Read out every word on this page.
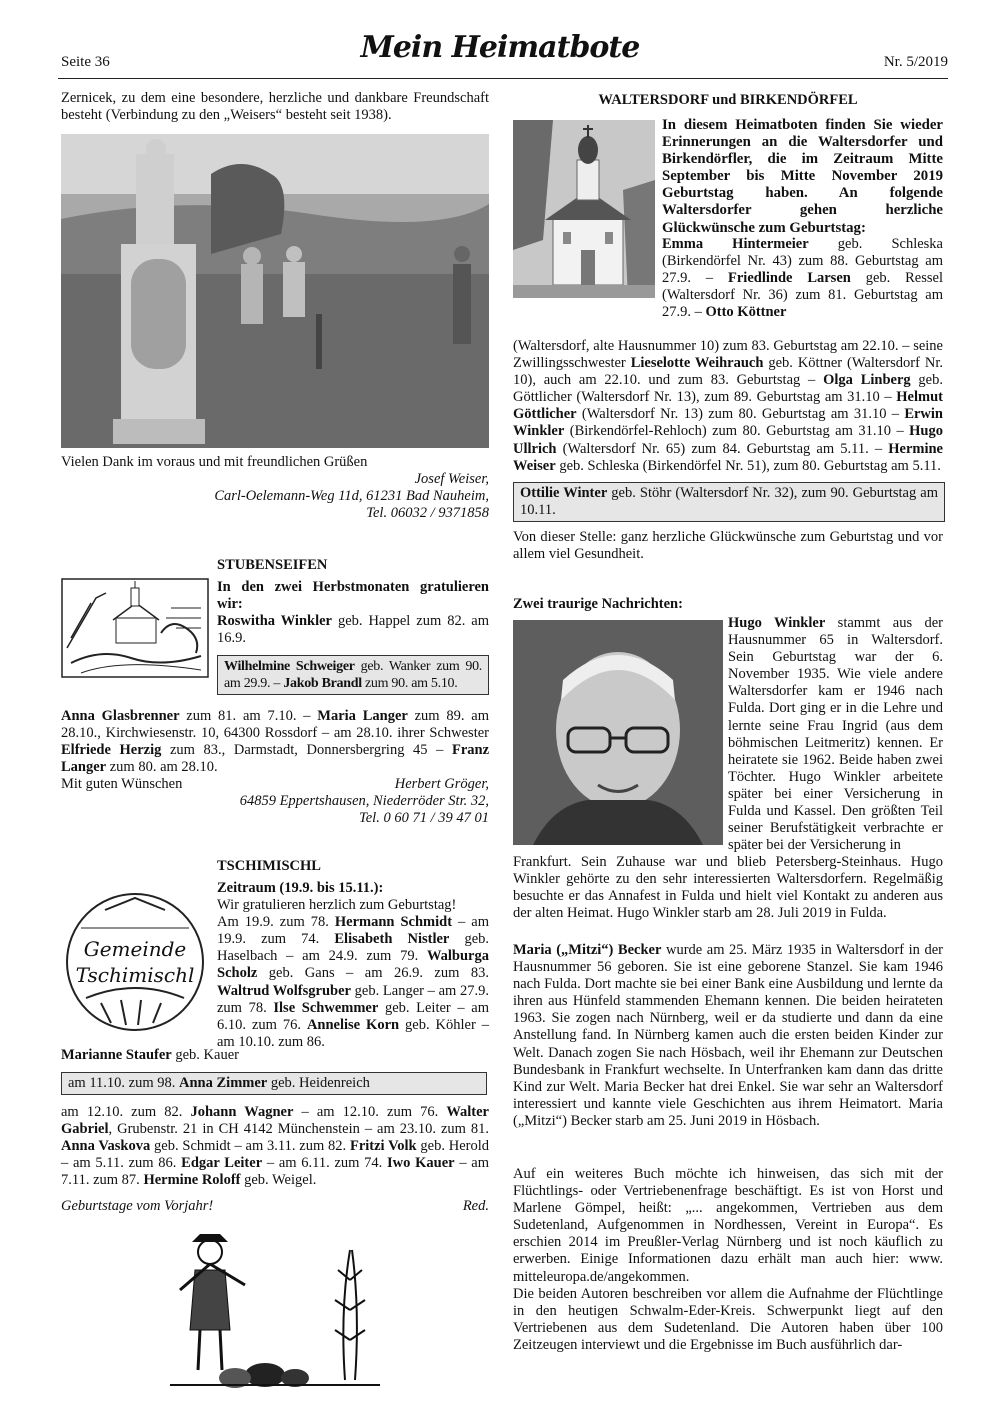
Seite 36	Mein Heimatbote	Nr. 5/2019

Zernicek, zu dem eine besondere, herzliche und dankbare Freundschaft besteht (Verbindung zu den „Weisers“ besteht seit 1938).

Vielen Dank im voraus und mit freundlichen Grüßen

Josef Weiser,

Carl-Oelemann-Weg 11d, 61231 Bad Nauheim,

Tel. 06032 / 9371858

STUBENSEIFEN

In den zwei Herbstmonaten gratulieren wir:

Roswitha Winkler geb. Happel zum 82. am 16.9.

Wilhelmine Schweiger geb. Wanker zum 90. am 29.9. – Jakob Brandl zum 90. am 5.10.

Anna Glasbrenner zum 81. am 7.10. – Maria Langer zum 89. am 28.10., Kirchwiesenstr. 10, 64300 Rossdorf – am 28.10. ihrer Schwester Elfriede Herzig zum 83., Darmstadt, Donnersbergring 45 – Franz Langer zum 80. am 28.10.

Mit guten Wünschen	Herbert Gröger,

64859 Eppertshausen, Niederröder Str. 32,

Tel. 0 60 71 / 39 47 01

TSCHIMISCHL

Gemeinde
Tschimischl

Zeitraum (19.9. bis 15.11.):

Wir gratulieren herzlich zum Geburtstag!

Am 19.9. zum 78. Hermann Schmidt – am 19.9. zum 74. Elisabeth Nistler geb. Haselbach – am 24.9. zum 79. Walburga Scholz geb. Gans – am 26.9. zum 83. Waltrud Wolfsgruber geb. Langer – am 27.9. zum 78. Ilse Schwemmer geb. Leiter – am 6.10. zum 76. Annelise Korn geb. Köhler – am 10.10. zum 86.

Marianne Staufer geb. Kauer

am 11.10. zum 98. Anna Zimmer geb. Heidenreich

am 12.10. zum 82. Johann Wagner – am 12.10. zum 76. Walter Gabriel, Grubenstr. 21 in CH 4142 Münchenstein – am 23.10. zum 81. Anna Vaskova geb. Schmidt – am 3.11. zum 82. Fritzi Volk geb. Herold – am 5.11. zum 86. Edgar Leiter – am 6.11. zum 74. Iwo Kauer – am 7.11. zum 87. Hermine Roloff geb. Weigel.

Geburtstage vom Vorjahr!	Red.

WALTERSDORF und BIRKENDÖRFEL

In diesem Heimatboten finden Sie wieder Erinnerungen an die Waltersdorfer und Birkendörfler, die im Zeitraum Mitte September bis Mitte November 2019 Geburtstag haben. An folgende Waltersdorfer gehen herzliche Glückwünsche zum Geburtstag:

Emma Hintermeier geb. Schleska (Birkendörfel Nr. 43) zum 88. Geburtstag am 27.9. – Friedlinde Larsen geb. Ressel (Waltersdorf Nr. 36) zum 81. Geburtstag am 27.9. – Otto Köttner

(Waltersdorf, alte Hausnummer 10) zum 83. Geburtstag am 22.10. – seine Zwillingsschwester Lieselotte Weihrauch geb. Köttner (Waltersdorf Nr. 10), auch am 22.10. und zum 83. Geburtstag – Olga Linberg geb. Göttlicher (Waltersdorf Nr. 13), zum 89. Geburtstag am 31.10 – Helmut Göttlicher (Waltersdorf Nr. 13) zum 80. Geburtstag am 31.10 – Erwin Winkler (Birkendörfel-Rehloch) zum 80. Geburtstag am 31.10 – Hugo Ullrich (Waltersdorf Nr. 65) zum 84. Geburtstag am 5.11. – Hermine Weiser geb. Schleska (Birkendörfel Nr. 51), zum 80. Geburtstag am 5.11.

Ottilie Winter geb. Stöhr (Waltersdorf Nr. 32), zum 90. Geburtstag am 10.11.

Von dieser Stelle: ganz herzliche Glückwünsche zum Geburtstag und vor allem viel Gesundheit.

Zwei traurige Nachrichten:

Hugo Winkler stammt aus der Hausnummer 65 in Waltersdorf. Sein Geburtstag war der 6. November 1935. Wie viele andere Waltersdorfer kam er 1946 nach Fulda. Dort ging er in die Lehre und lernte seine Frau Ingrid (aus dem böhmischen Leitmeritz) kennen. Er heiratete sie 1962. Beide haben zwei Töchter. Hugo Winkler arbeitete später bei einer Versicherung in Fulda und Kassel. Den größten Teil seiner Berufstätigkeit verbrachte er später bei der Versicherung in

Frankfurt. Sein Zuhause war und blieb Petersberg-Steinhaus. Hugo Winkler gehörte zu den sehr interessierten Waltersdorfern. Regelmäßig besuchte er das Annafest in Fulda und hielt viel Kontakt zu anderen aus der alten Heimat. Hugo Winkler starb am 28. Juli 2019 in Fulda.

Maria („Mitzi“) Becker wurde am 25. März 1935 in Waltersdorf in der Hausnummer 56 geboren. Sie ist eine geborene Stanzel. Sie kam 1946 nach Fulda. Dort machte sie bei einer Bank eine Ausbildung und lernte da ihren aus Hünfeld stammenden Ehemann kennen. Die beiden heirateten 1963. Sie zogen nach Nürnberg, weil er da studierte und dann da eine Anstellung fand. In Nürnberg kamen auch die ersten beiden Kinder zur Welt. Danach zogen Sie nach Hösbach, weil ihr Ehemann zur Deutschen Bundesbank in Frankfurt wechselte. In Unterfranken kam dann das dritte Kind zur Welt. Maria Becker hat drei Enkel. Sie war sehr an Waltersdorf interessiert und kannte viele Geschichten aus ihrem Heimatort. Maria („Mitzi“) Becker starb am 25. Juni 2019 in Hösbach.

Auf ein weiteres Buch möchte ich hinweisen, das sich mit der Flüchtlings- oder Vertriebenenfrage beschäftigt. Es ist von Horst und Marlene Gömpel, heißt: „... angekommen, Vertrieben aus dem Sudetenland, Aufgenommen in Nordhessen, Vereint in Europa“. Es erschien 2014 im Preußler-Verlag Nürnberg und ist noch käuflich zu erwerben. Einige Informationen dazu erhält man auch hier: www. mitteleuropa.de/angekommen.

Die beiden Autoren beschreiben vor allem die Aufnahme der Flüchtlinge in den heutigen Schwalm-Eder-Kreis. Schwerpunkt liegt auf den Vertriebenen aus dem Sudetenland. Die Autoren haben über 100 Zeitzeugen interviewt und die Ergebnisse im Buch ausführlich dar-
